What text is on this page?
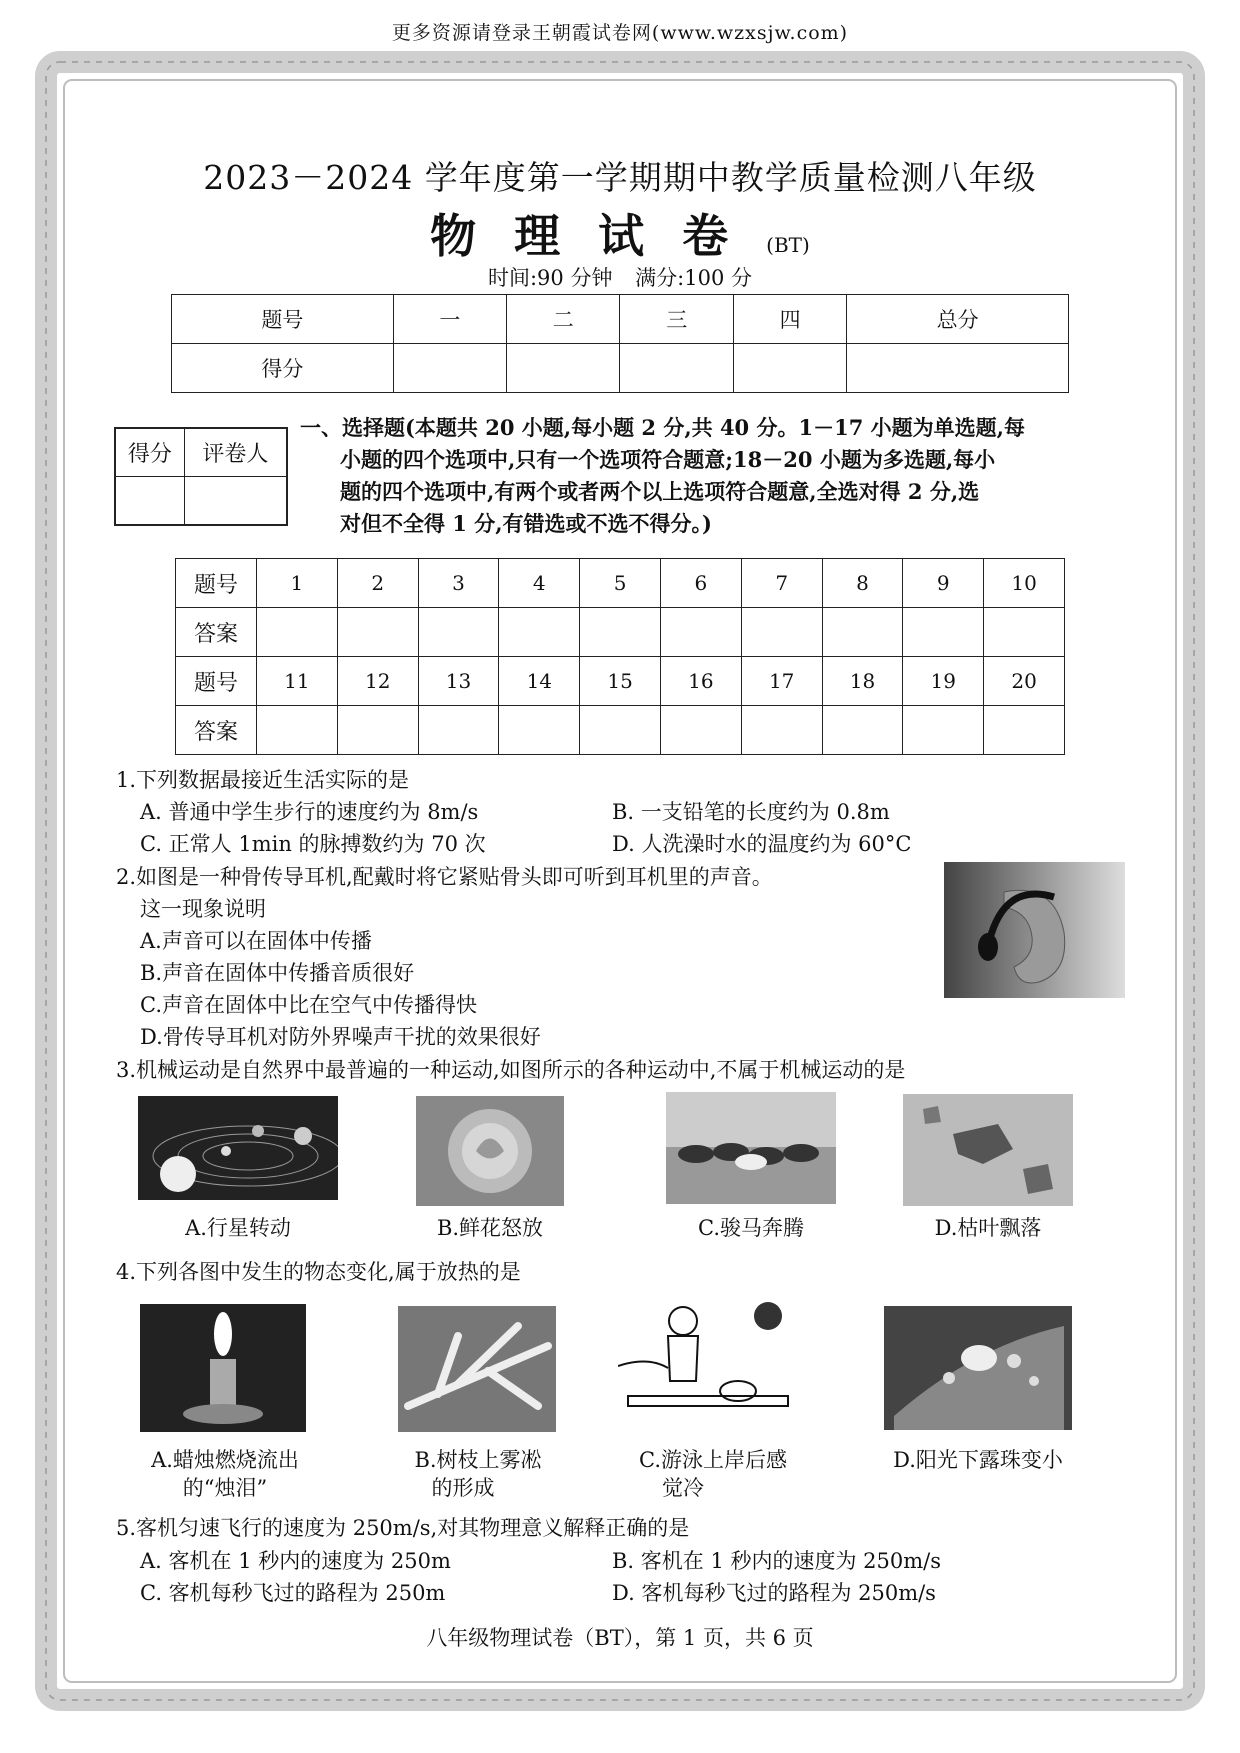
更多资源请登录王朝霞试卷网(www.wzxsjw.com)
2023－2024 学年度第一学期期中教学质量检测八年级
物理试卷(BT)
时间:90 分钟 满分:100 分
题号	一	二	三	四	总分
得分					
得分	评卷人

一、选择题(本题共 20 小题,每小题 2 分,共 40 分。1－17 小题为单选题,每
小题的四个选项中,只有一个选项符合题意;18－20 小题为多选题,每小
题的四个选项中,有两个或者两个以上选项符合题意,全选对得 2 分,选
对但不全得 1 分,有错选或不选不得分。)
题号	1	2	3	4	5	6	7	8	9	10
答案										
题号	11	12	13	14	15	16	17	18	19	20
答案										
1.下列数据最接近生活实际的是
A. 普通中学生步行的速度约为 8m/s	B. 一支铅笔的长度约为 0.8m
C. 正常人 1min 的脉搏数约为 70 次	D. 人洗澡时水的温度约为 60°C
2.如图是一种骨传导耳机,配戴时将它紧贴骨头即可听到耳机里的声音。
这一现象说明
A.声音可以在固体中传播
B.声音在固体中传播音质很好
C.声音在固体中比在空气中传播得快
D.骨传导耳机对防外界噪声干扰的效果很好
3.机械运动是自然界中最普遍的一种运动,如图所示的各种运动中,不属于机械运动的是
A.行星转动	B.鲜花怒放	C.骏马奔腾	D.枯叶飘落
4.下列各图中发生的物态变化,属于放热的是
A.蜡烛燃烧流出
的“烛泪”
B.树枝上雾凇
的形成
C.游泳上岸后感
觉冷
D.阳光下露珠变小
5.客机匀速飞行的速度为 250m/s,对其物理意义解释正确的是
A. 客机在 1 秒内的速度为 250m	B. 客机在 1 秒内的速度为 250m/s
C. 客机每秒飞过的路程为 250m	D. 客机每秒飞过的路程为 250m/s
八年级物理试卷（BT），第 1 页，共 6 页
